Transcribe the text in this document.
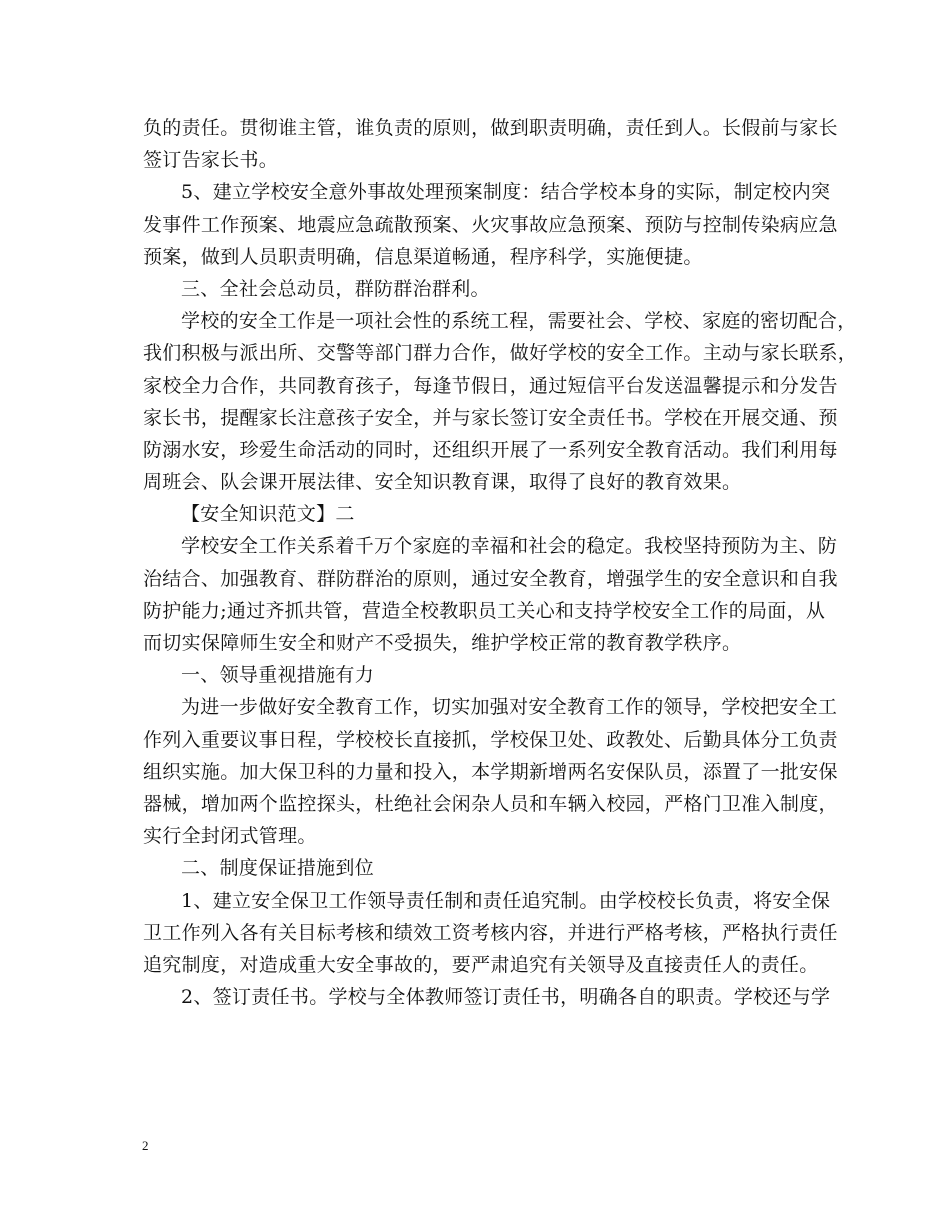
负的责任。贯彻谁主管，谁负责的原则，做到职责明确，责任到人。长假前与家长
签订告家长书。
5、建立学校安全意外事故处理预案制度：结合学校本身的实际，制定校内突
发事件工作预案、地震应急疏散预案、火灾事故应急预案、预防与控制传染病应急
预案，做到人员职责明确，信息渠道畅通，程序科学，实施便捷。
三、全社会总动员，群防群治群利。
学校的安全工作是一项社会性的系统工程，需要社会、学校、家庭的密切配合，
我们积极与派出所、交警等部门群力合作，做好学校的安全工作。主动与家长联系，
家校全力合作，共同教育孩子，每逢节假日，通过短信平台发送温馨提示和分发告
家长书，提醒家长注意孩子安全，并与家长签订安全责任书。学校在开展交通、预
防溺水安，珍爱生命活动的同时，还组织开展了一系列安全教育活动。我们利用每
周班会、队会课开展法律、安全知识教育课，取得了良好的教育效果。
【安全知识范文】二
学校安全工作关系着千万个家庭的幸福和社会的稳定。我校坚持预防为主、防
治结合、加强教育、群防群治的原则，通过安全教育，增强学生的安全意识和自我
防护能力;通过齐抓共管，营造全校教职员工关心和支持学校安全工作的局面，从
而切实保障师生安全和财产不受损失，维护学校正常的教育教学秩序。
一、领导重视措施有力
为进一步做好安全教育工作，切实加强对安全教育工作的领导，学校把安全工
作列入重要议事日程，学校校长直接抓，学校保卫处、政教处、后勤具体分工负责
组织实施。加大保卫科的力量和投入，本学期新增两名安保队员，添置了一批安保
器械，增加两个监控探头，杜绝社会闲杂人员和车辆入校园，严格门卫准入制度，
实行全封闭式管理。
二、制度保证措施到位
1、建立安全保卫工作领导责任制和责任追究制。由学校校长负责，将安全保
卫工作列入各有关目标考核和绩效工资考核内容，并进行严格考核，严格执行责任
追究制度，对造成重大安全事故的，要严肃追究有关领导及直接责任人的责任。
2、签订责任书。学校与全体教师签订责任书，明确各自的职责。学校还与学
2
